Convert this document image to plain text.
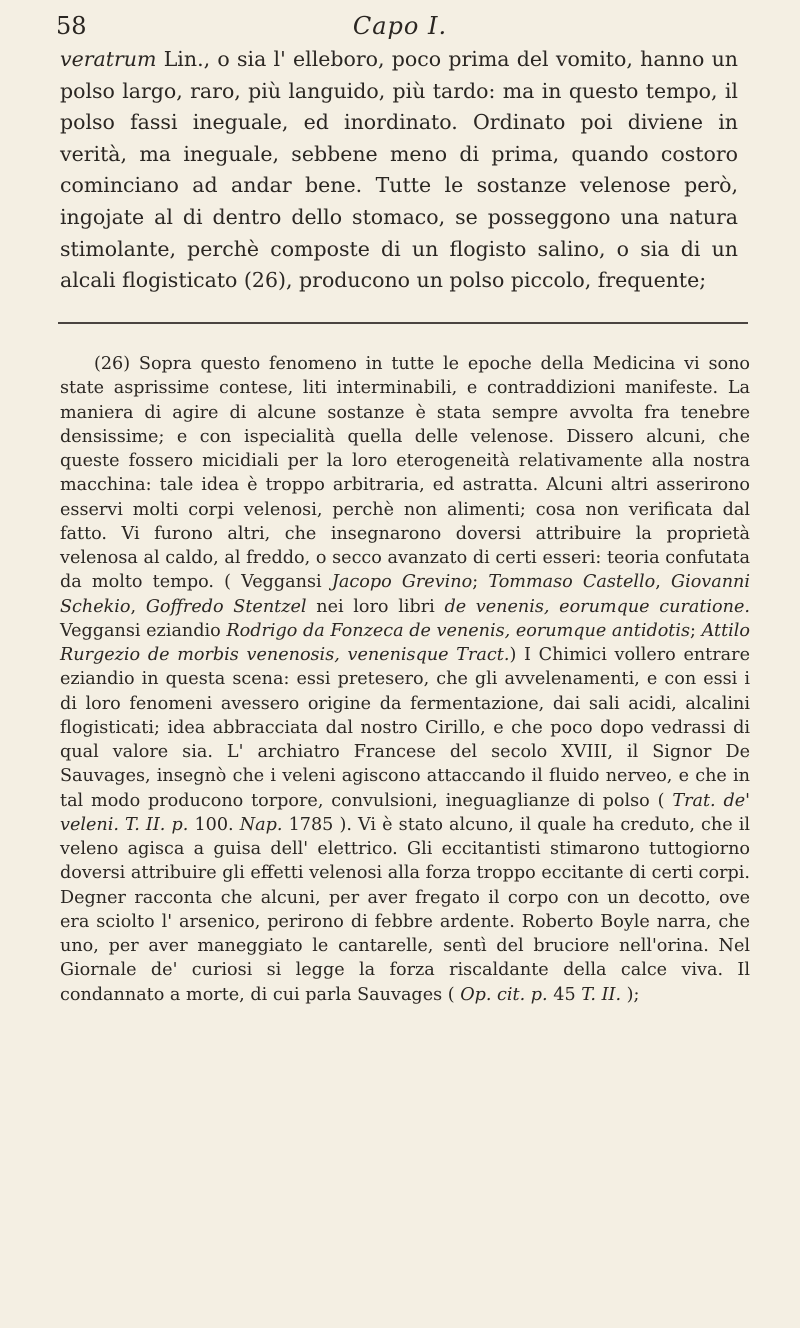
58	Capo I.
veratrum Lin., o sia l' elleboro, poco prima del vomito, hanno un polso largo, raro, più languido, più tardo: ma in questo tempo, il polso fassi ineguale, ed inordinato. Ordinato poi diviene in verità, ma ineguale, sebbene meno di prima, quando costoro cominciano ad andar bene. Tutte le sostanze velenose però, ingojate al di dentro dello stomaco, se posseggono una natura stimolante, perchè composte di un flogisto salino, o sia di un alcali flogisticato (26), producono un polso piccolo, frequente;
(26) Sopra questo fenomeno in tutte le epoche della Medicina vi sono state asprissime contese, liti interminabili, e contraddizioni manifeste. La maniera di agire di alcune sostanze è stata sempre avvolta fra tenebre densissime; e con ispecialità quella delle velenose. Dissero alcuni, che queste fossero micidiali per la loro eterogeneità relativamente alla nostra macchina: tale idea è troppo arbitraria, ed astratta. Alcuni altri asserirono esservi molti corpi velenosi, perchè non alimenti; cosa non verificata dal fatto. Vi furono altri, che insegnarono doversi attribuire la proprietà velenosa al caldo, al freddo, o secco avanzato di certi esseri: teoria confutata da molto tempo. ( Veggansi Jacopo Grevino; Tommaso Castello, Giovanni Schekio, Goffredo Stentzel nei loro libri de venenis, eorumque curatione. Veggansi eziandio Rodrigo da Fonzeca de venenis, eorumque antidotis; Attilo Rurgezio de morbis venenosis, venenisque Tract.) I Chimici vollero entrare eziandio in questa scena: essi pretesero, che gli avvelenamenti, e con essi i di loro fenomeni avessero origine da fermentazione, dai sali acidi, alcalini flogisticati; idea abbracciata dal nostro Cirillo, e che poco dopo vedrassi di qual valore sia. L' archiatro Francese del secolo XVIII, il Signor De Sauvages, insegnò che i veleni agiscono attaccando il fluido nerveo, e che in tal modo producono torpore, convulsioni, ineguaglianze di polso ( Trat. de' veleni. T. II. p. 100. Nap. 1785 ). Vi è stato alcuno, il quale ha creduto, che il veleno agisca a guisa dell' elettrico. Gli eccitantisti stimarono tuttogiorno doversi attribuire gli effetti velenosi alla forza troppo eccitante di certi corpi. Degner racconta che alcuni, per aver fregato il corpo con un decotto, ove era sciolto l' arsenico, perirono di febbre ardente. Roberto Boyle narra, che uno, per aver maneggiato le cantarelle, sentì del bruciore nell'orina. Nel Giornale de' curiosi si legge la forza riscaldante della calce viva. Il condannato a morte, di cui parla Sauvages ( Op. cit. p. 45 T. II. );
